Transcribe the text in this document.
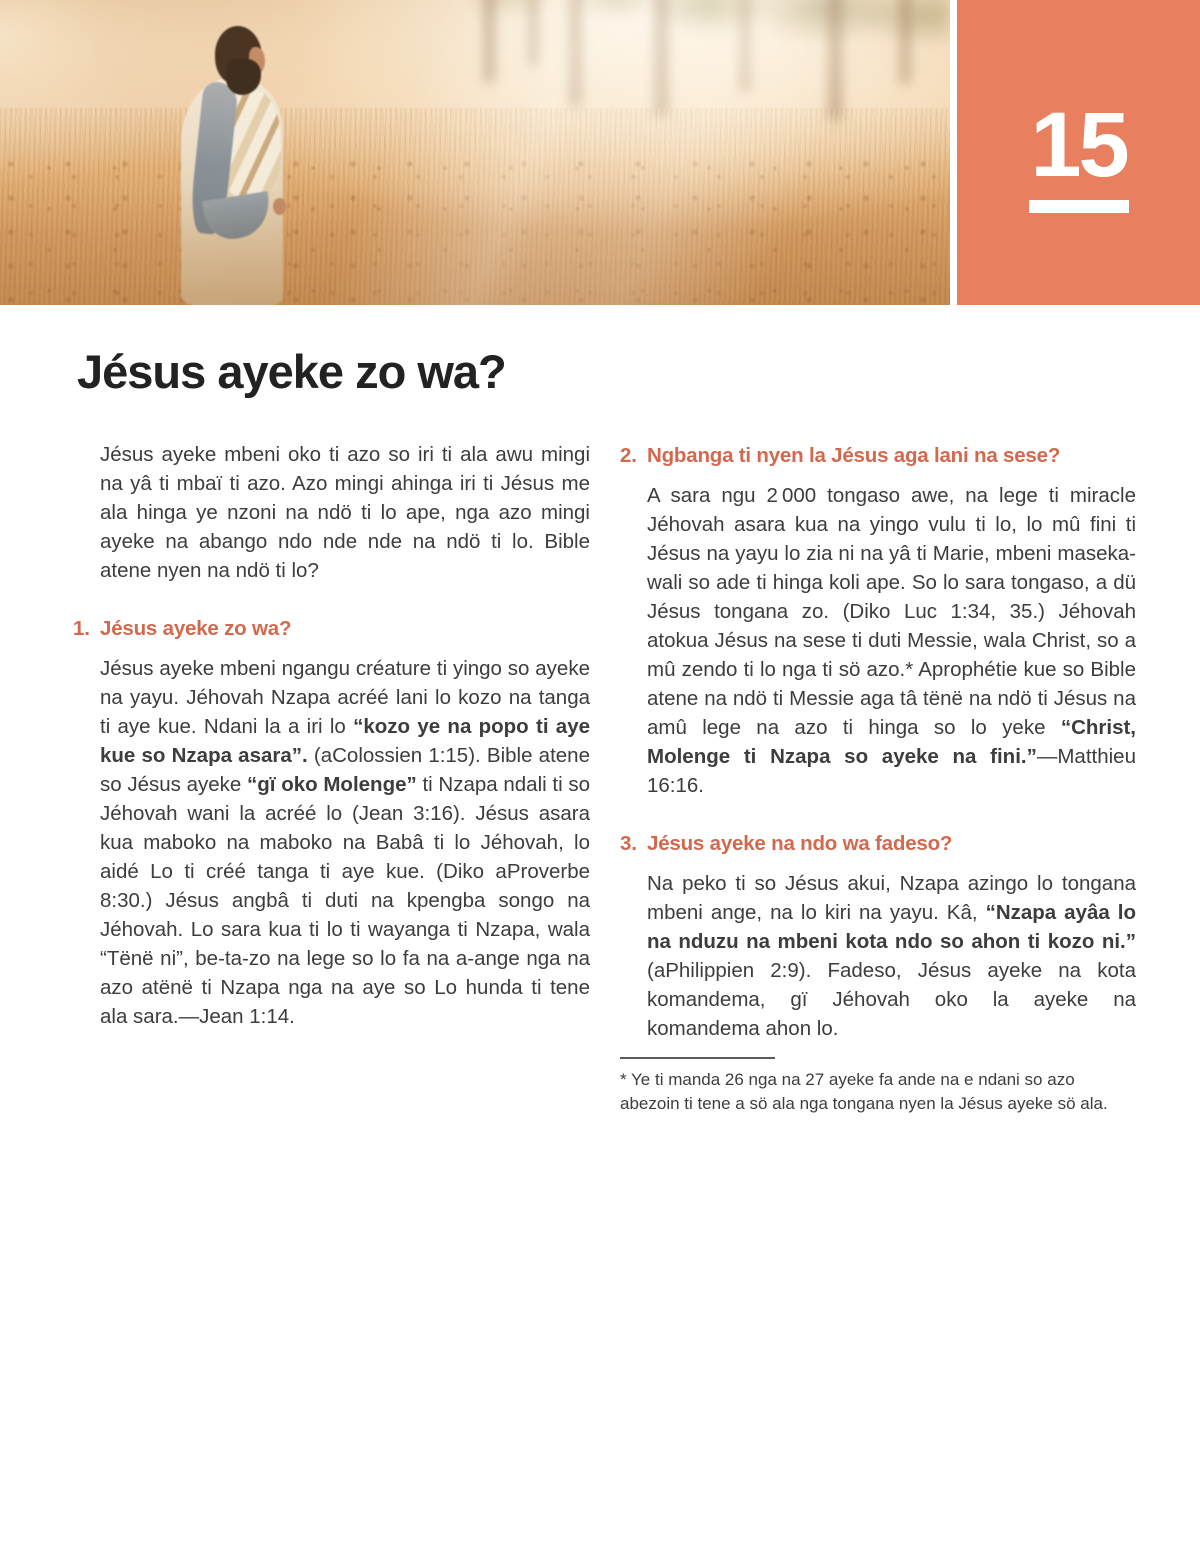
15
Jésus ayeke zo wa?

Jésus ayeke mbeni oko ti azo so iri ti ala awu mingi na yâ ti mbaï ti azo. Azo mingi ahinga iri ti Jésus me ala hinga ye nzoni na ndö ti lo ape, nga azo mingi ayeke na abango ndo nde nde na ndö ti lo. Bible atene nyen na ndö ti lo?

1. Jésus ayeke zo wa?

Jésus ayeke mbeni ngangu créature ti yingo so ayeke na yayu. Jéhovah Nzapa acréé lani lo kozo na tanga ti aye kue. Ndani la a iri lo “kozo ye na popo ti aye kue so Nzapa asara”. (aColossien 1:15). Bible atene so Jésus ayeke “gï oko Molenge” ti Nzapa ndali ti so Jéhovah wani la acréé lo (Jean 3:16). Jésus asara kua maboko na maboko na Babâ ti lo Jéhovah, lo aidé Lo ti créé tanga ti aye kue. (Diko aProverbe 8:30.) Jésus angbâ ti duti na kpengba songo na Jéhovah. Lo sara kua ti lo ti wayanga ti Nzapa, wala “Tënë ni”, be-ta-zo na lege so lo fa na a-ange nga na azo atënë ti Nzapa nga na aye so Lo hunda ti tene ala sara.—Jean 1:14.

2. Ngbanga ti nyen la Jésus aga lani na sese?

A sara ngu 2 000 tongaso awe, na lege ti miracle Jéhovah asara kua na yingo vulu ti lo, lo mû fini ti Jésus na yayu lo zia ni na yâ ti Marie, mbeni maseka-wali so ade ti hinga koli ape. So lo sara tongaso, a dü Jésus tongana zo. (Diko Luc 1:34, 35.) Jéhovah atokua Jésus na sese ti duti Messie, wala Christ, so a mû zendo ti lo nga ti sö azo.* Aprophétie kue so Bible atene na ndö ti Messie aga tâ tënë na ndö ti Jésus na amû lege na azo ti hinga so lo yeke “Christ, Molenge ti Nzapa so ayeke na fini.”—Matthieu 16:16.

3. Jésus ayeke na ndo wa fadeso?

Na peko ti so Jésus akui, Nzapa azingo lo tongana mbeni ange, na lo kiri na yayu. Kâ, “Nzapa ayâa lo na nduzu na mbeni kota ndo so ahon ti kozo ni.” (aPhilippien 2:9). Fadeso, Jésus ayeke na kota komandema, gï Jéhovah oko la ayeke na komandema ahon lo.

* Ye ti manda 26 nga na 27 ayeke fa ande na e ndani so azo abezoin ti tene a sö ala nga tongana nyen la Jésus ayeke sö ala.
